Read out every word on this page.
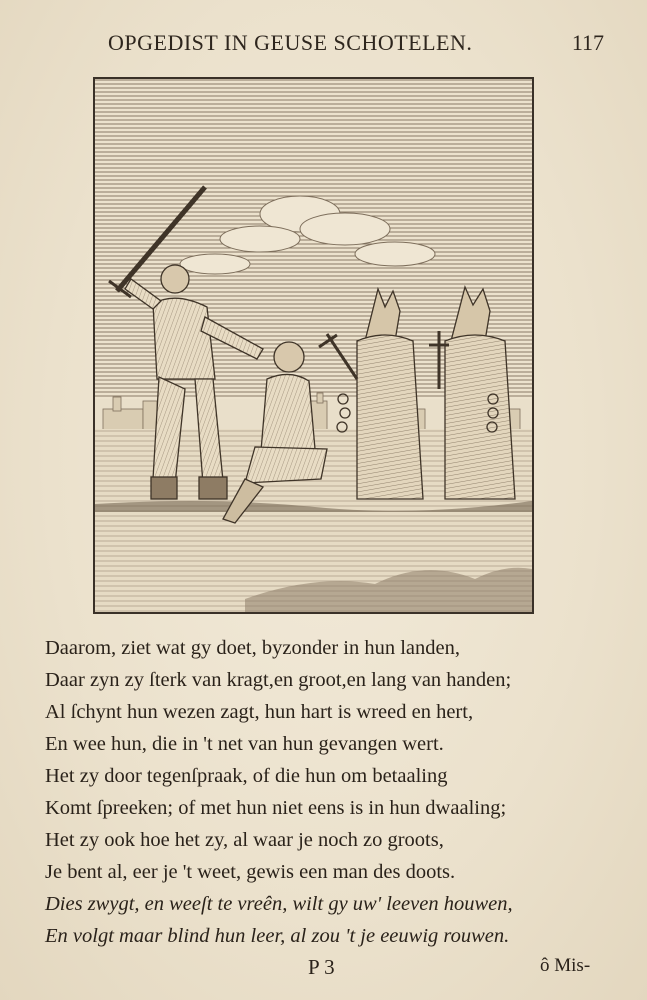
OPGEDIST IN GEUSE SCHOTELEN.	117
Daarom, ziet wat gy doet, byzonder in hun landen,
Daar zyn zy ſterk van kragt,en groot,en lang van handen;
Al ſchynt hun wezen zagt, hun hart is wreed en hert,
En wee hun, die in 't net van hun gevangen wert.
Het zy door tegenſpraak, of die hun om betaaling
Komt ſpreeken; of met hun niet eens is in hun dwaaling;
Het zy ook hoe het zy, al waar je noch zo groots,
Je bent al, eer je 't weet, gewis een man des doots.
Dies zwygt, en weeſt te vreên, wilt gy uw' leeven houwen,
En volgt maar blind hun leer, al zou 't je eeuwig rouwen.
P 3	ô Mis-
